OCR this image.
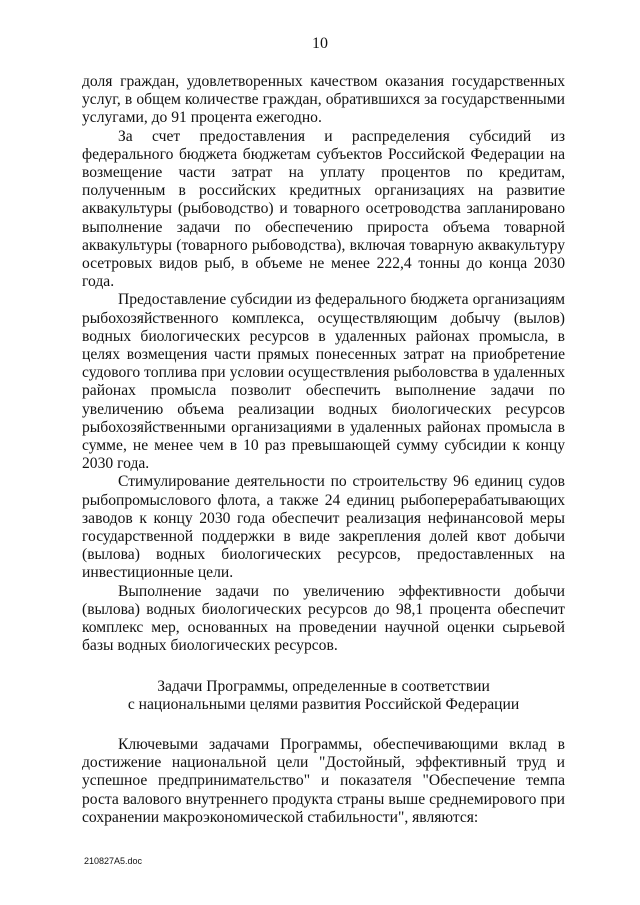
10

доля граждан, удовлетворенных качеством оказания государственных услуг, в общем количестве граждан, обратившихся за государственными услугами, до 91 процента ежегодно.

За счет предоставления и распределения субсидий из федерального бюджета бюджетам субъектов Российской Федерации на возмещение части затрат на уплату процентов по кредитам, полученным в российских кредитных организациях на развитие аквакультуры (рыбоводство) и товарного осетроводства запланировано выполнение задачи по обеспечению прироста объема товарной аквакультуры (товарного рыбоводства), включая товарную аквакультуру осетровых видов рыб, в объеме не менее 222,4 тонны до конца 2030 года.

Предоставление субсидии из федерального бюджета организациям рыбохозяйственного комплекса, осуществляющим добычу (вылов) водных биологических ресурсов в удаленных районах промысла, в целях возмещения части прямых понесенных затрат на приобретение судового топлива при условии осуществления рыболовства в удаленных районах промысла позволит обеспечить выполнение задачи по увеличению объема реализации водных биологических ресурсов рыбохозяйственными организациями в удаленных районах промысла в сумме, не менее чем в 10 раз превышающей сумму субсидии к концу 2030 года.

Стимулирование деятельности по строительству 96 единиц судов рыбопромыслового флота, а также 24 единиц рыбоперерабатывающих заводов к концу 2030 года обеспечит реализация нефинансовой меры государственной поддержки в виде закрепления долей квот добычи (вылова) водных биологических ресурсов, предоставленных на инвестиционные цели.

Выполнение задачи по увеличению эффективности добычи (вылова) водных биологических ресурсов до 98,1 процента обеспечит комплекс мер, основанных на проведении научной оценки сырьевой базы водных биологических ресурсов.

Задачи Программы, определенные в соответствии
с национальными целями развития Российской Федерации

Ключевыми задачами Программы, обеспечивающими вклад в достижение национальной цели "Достойный, эффективный труд и успешное предпринимательство" и показателя "Обеспечение темпа роста валового внутреннего продукта страны выше среднемирового при сохранении макроэкономической стабильности", являются:

210827A5.doc
